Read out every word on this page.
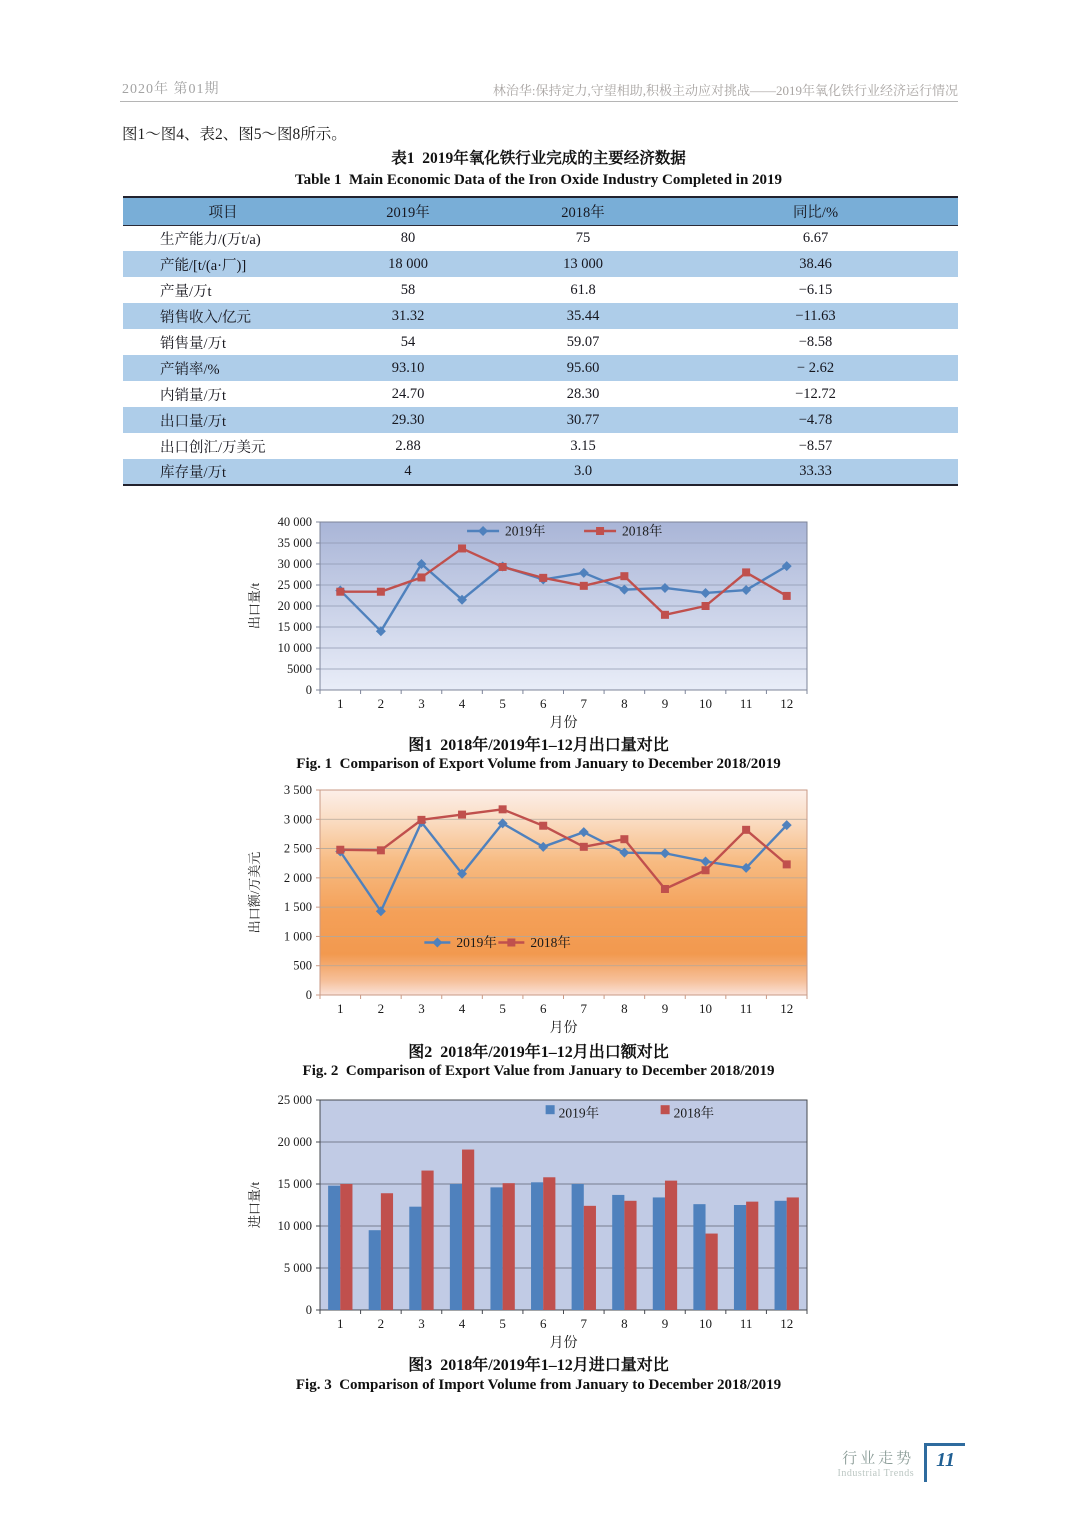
2020年 第01期	林治华:保持定力,守望相助,积极主动应对挑战——2019年氧化铁行业经济运行情况
图1～图4、表2、图5～图8所示。
表1  2019年氧化铁行业完成的主要经济数据
Table 1  Main Economic Data of the Iron Oxide Industry Completed in 2019
项目	2019年	2018年	同比/%
生产能力/(万t/a)	80	75	6.67
产能/[t/(a·厂)]	18 000	13 000	38.46
产量/万t	58	61.8	−6.15
销售收入/亿元	31.32	35.44	−11.63
销售量/万t	54	59.07	−8.58
产销率/%	93.10	95.60	− 2.62
内销量/万t	24.70	28.30	−12.72
出口量/万t	29.30	30.77	−4.78
出口创汇/万美元	2.88	3.15	−8.57
库存量/万t	4	3.0	33.33
40 000
35 000
30 000
25 000
20 000
15 000
10 000
5000
0
1	2	3	4	5	6	7	8	9 10 11 12
出口量/t
月份
2019年	2018年
图1  2018年/2019年1–12月出口量对比
Fig. 1  Comparison of Export Volume from January to December 2018/2019
3 500
3 000
2 500
2 000
1 500
1 000
500
0
1	2	3	4	5	6	7	8	9 10 11 12
出口额/万美元
月份
2019年 2018年
图2  2018年/2019年1–12月出口额对比
Fig. 2  Comparison of Export Value from January to December 2018/2019
25 000
20 000
15 000
10 000
5 000
0
1	2	3	4	5	6	7	8	9 10 11 12
进口量/t
月份
2019年	2018年
图3  2018年/2019年1–12月进口量对比
Fig. 3  Comparison of Import Volume from January to December 2018/2019
行业走势
Industrial Trends
11
